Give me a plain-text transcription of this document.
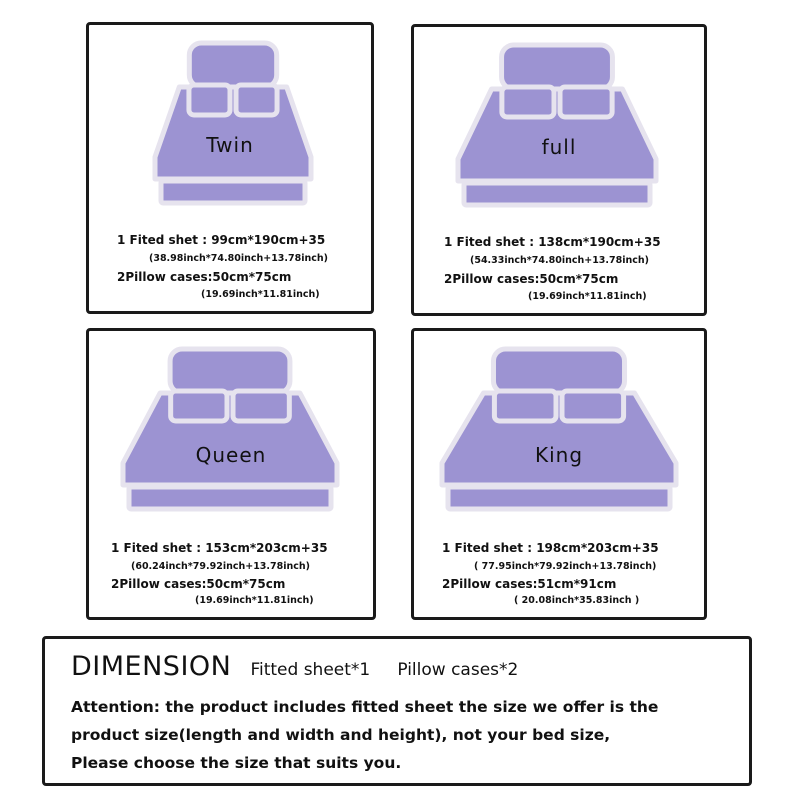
Twin
1 Fited shet : 99cm*190cm+35
(38.98inch*74.80inch+13.78inch)
2Pillow cases:50cm*75cm
(19.69inch*11.81inch)
full
1 Fited shet : 138cm*190cm+35
(54.33inch*74.80inch+13.78inch)
2Pillow cases:50cm*75cm
(19.69inch*11.81inch)
Queen
1 Fited shet : 153cm*203cm+35
(60.24inch*79.92inch+13.78inch)
2Pillow cases:50cm*75cm
(19.69inch*11.81inch)
King
1 Fited shet : 198cm*203cm+35
( 77.95inch*79.92inch+13.78inch)
2Pillow cases:51cm*91cm
( 20.08inch*35.83inch )
DIMENSION Fitted sheet*1 Pillow cases*2
Attention: the product includes fitted sheet the size we offer is the
product size(length and width and height), not your bed size,
Please choose the size that suits you.
